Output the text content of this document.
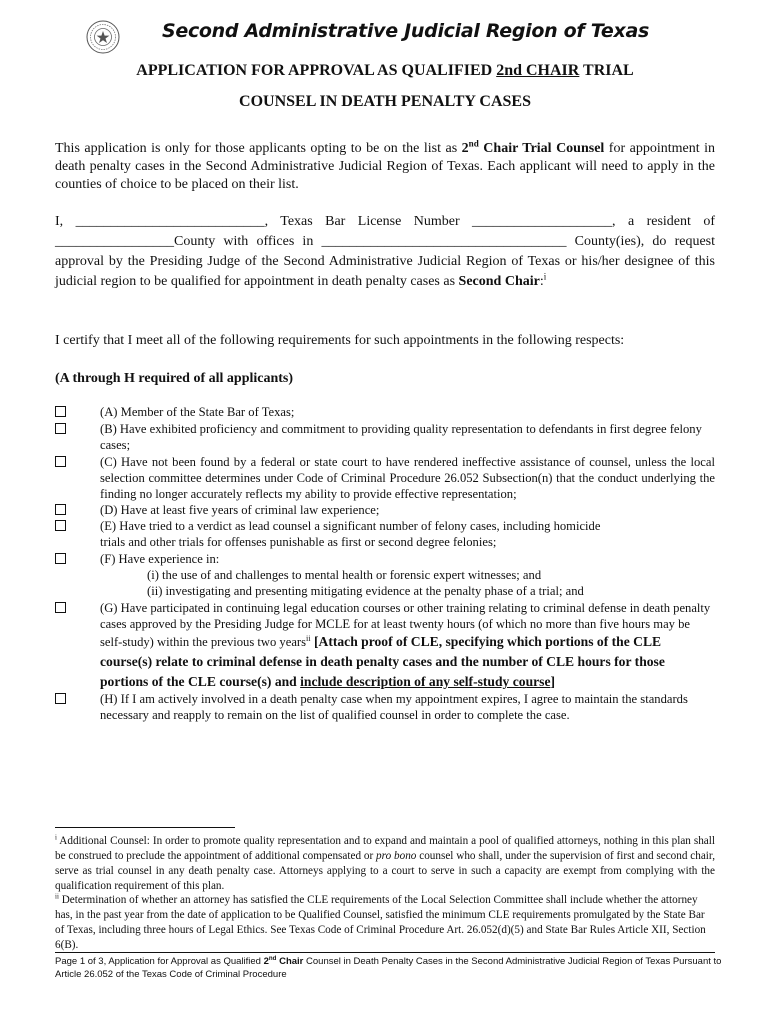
Second Administrative Judicial Region of Texas
APPLICATION FOR APPROVAL AS QUALIFIED 2nd CHAIR TRIAL
COUNSEL IN DEATH PENALTY CASES
This application is only for those applicants opting to be on the list as 2nd Chair Trial Counsel for appointment in death penalty cases in the Second Administrative Judicial Region of Texas. Each applicant will need to apply in the counties of choice to be placed on their list.
I, ___________________________, Texas Bar License Number ____________________, a resident of _________________County with offices in ___________________________________ County(ies), do request approval by the Presiding Judge of the Second Administrative Judicial Region of Texas or his/her designee of this judicial region to be qualified for appointment in death penalty cases as Second Chair:$^i$
I certify that I meet all of the following requirements for such appointments in the following respects:
(A through H required of all applicants)
(A) Member of the State Bar of Texas;
(B) Have exhibited proficiency and commitment to providing quality representation to defendants in first degree felony cases;
(C) Have not been found by a federal or state court to have rendered ineffective assistance of counsel, unless the local selection committee determines under Code of Criminal Procedure 26.052 Subsection(n) that the conduct underlying the finding no longer accurately reflects my ability to provide effective representation;
(D) Have at least five years of criminal law experience;
(E) Have tried to a verdict as lead counsel a significant number of felony cases, including homicide trials and other trials for offenses punishable as first or second degree felonies;
(F) Have experience in:
(i) the use of and challenges to mental health or forensic expert witnesses; and
(ii) investigating and presenting mitigating evidence at the penalty phase of a trial; and
(G) Have participated in continuing legal education courses or other training relating to criminal defense in death penalty cases approved by the Presiding Judge for MCLE for at least twenty hours (of which no more than five hours may be self-study) within the previous two years$^{ii}$ [Attach proof of CLE, specifying which portions of the CLE course(s) relate to criminal defense in death penalty cases and the number of CLE hours for those portions of the CLE course(s) and include description of any self-study course]
(H) If I am actively involved in a death penalty case when my appointment expires, I agree to maintain the standards necessary and reapply to remain on the list of qualified counsel in order to complete the case.
$^i$ Additional Counsel: In order to promote quality representation and to expand and maintain a pool of qualified attorneys, nothing in this plan shall be construed to preclude the appointment of additional compensated or pro bono counsel who shall, under the supervision of first and second chair, serve as trial counsel in any death penalty case. Attorneys applying to a court to serve in such a capacity are exempt from complying with the qualification requirement of this plan.
$^{ii}$ Determination of whether an attorney has satisfied the CLE requirements of the Local Selection Committee shall include whether the attorney has, in the past year from the date of application to be Qualified Counsel, satisfied the minimum CLE requirements promulgated by the State Bar of Texas, including three hours of Legal Ethics. See Texas Code of Criminal Procedure Art. 26.052(d)(5) and State Bar Rules Article XII, Section 6(B).
Page 1 of 3, Application for Approval as Qualified 2nd Chair Counsel in Death Penalty Cases in the Second Administrative Judicial Region of Texas Pursuant to Article 26.052 of the Texas Code of Criminal Procedure
